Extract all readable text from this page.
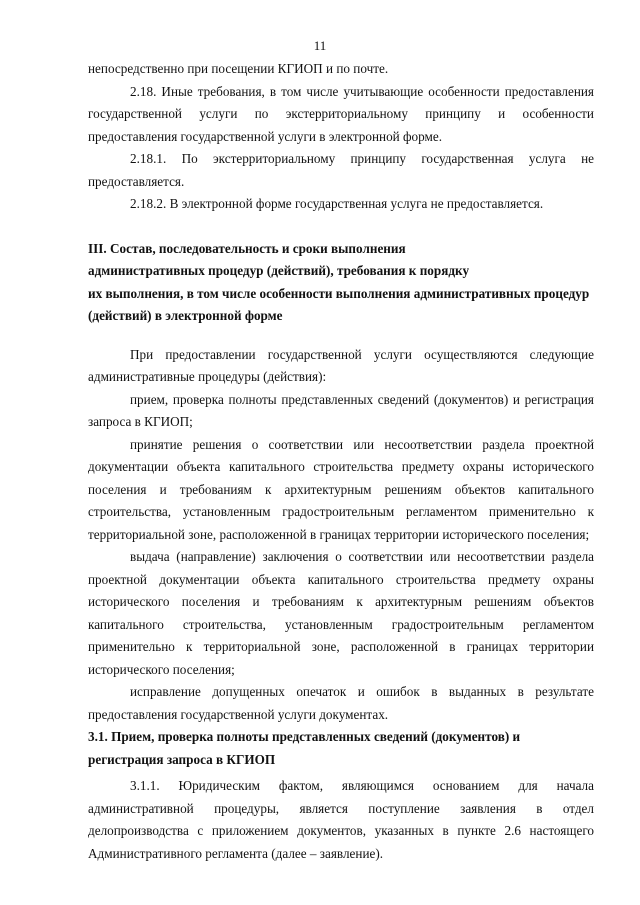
11

непосредственно при посещении КГИОП и по почте.

2.18. Иные требования, в том числе учитывающие особенности предоставления государственной услуги по экстерриториальному принципу и особенности предоставления государственной услуги в электронной форме.

2.18.1. По экстерриториальному принципу государственная услуга не предоставляется.

2.18.2. В электронной форме государственная услуга не предоставляется.

III. Состав, последовательность и сроки выполнения

административных процедур (действий), требования к порядку

их выполнения, в том числе особенности выполнения административных процедур

(действий) в электронной форме

При предоставлении государственной услуги осуществляются следующие административные процедуры (действия):

прием, проверка полноты представленных сведений (документов) и регистрация запроса в КГИОП;

принятие решения о соответствии или несоответствии раздела проектной документации объекта капитального строительства предмету охраны исторического поселения и требованиям к архитектурным решениям объектов капитального строительства, установленным градостроительным регламентом применительно к территориальной зоне, расположенной в границах территории исторического поселения;

выдача (направление) заключения о соответствии или несоответствии раздела проектной документации объекта капитального строительства предмету охраны исторического поселения и требованиям к архитектурным решениям объектов капитального строительства, установленным градостроительным регламентом применительно к территориальной зоне, расположенной в границах территории исторического поселения;

исправление допущенных опечаток и ошибок в выданных в результате предоставления государственной услуги документах.

3.1. Прием, проверка полноты представленных сведений (документов) и

регистрация запроса в КГИОП

3.1.1. Юридическим фактом, являющимся основанием для начала административной процедуры, является поступление заявления в отдел делопроизводства с приложением документов, указанных в пункте 2.6 настоящего Административного регламента (далее – заявление).
